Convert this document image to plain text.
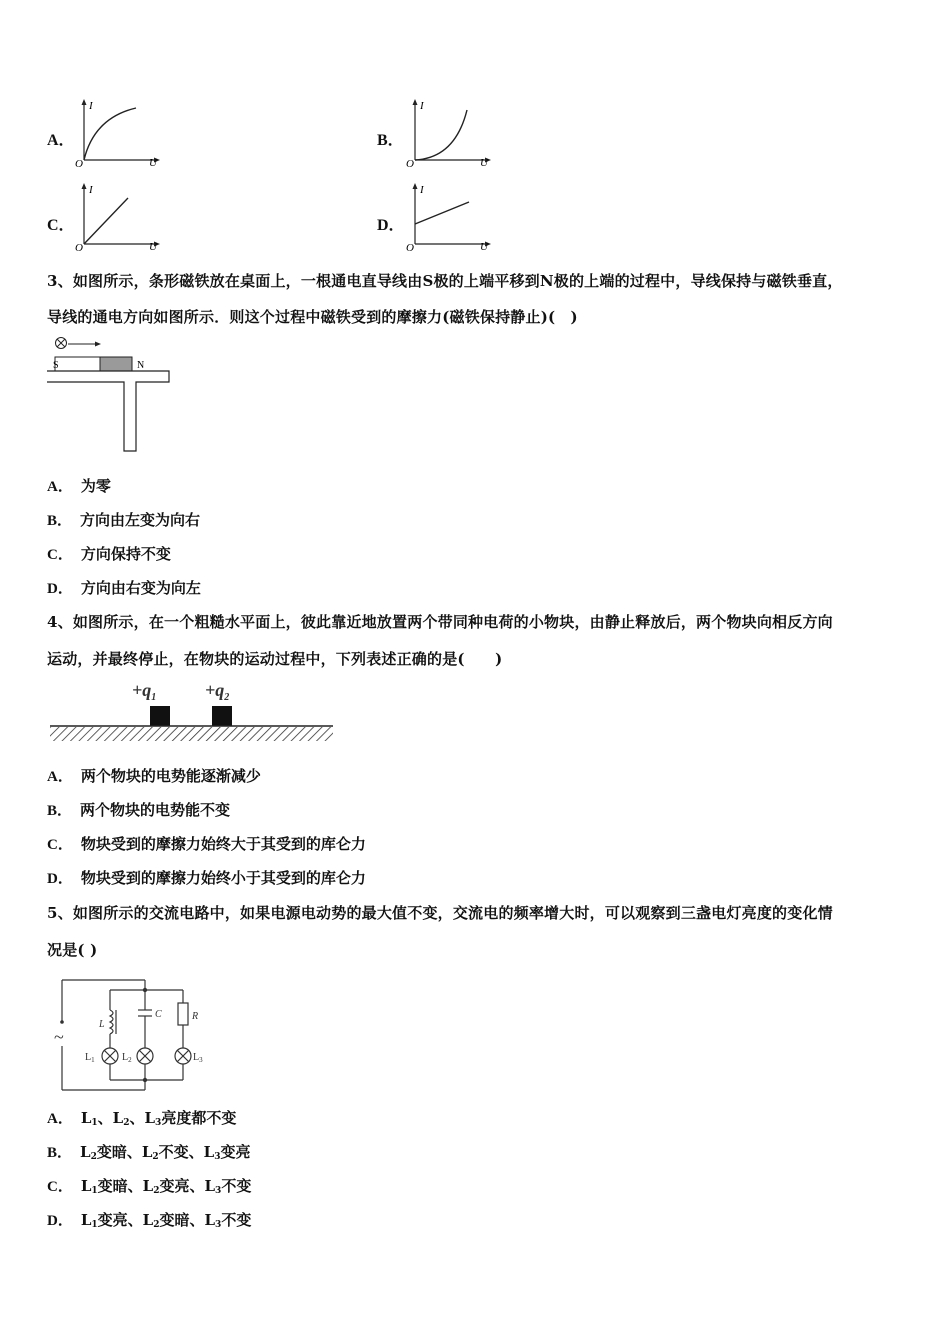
A．
I
U
O
B．
I
U
O
C．
I
U
O
D．
I
U
O
3、如图所示，条形磁铁放在桌面上，一根通电直导线由S极的上端平移到N极的上端的过程中，导线保持与磁铁垂直，
导线的通电方向如图所示．则这个过程中磁铁受到的摩擦力(磁铁保持静止)(　)
S	N
A． 为零
B． 方向由左变为向右
C． 方向保持不变
D． 方向由右变为向左
4、如图所示，在一个粗糙水平面上，彼此靠近地放置两个带同种电荷的小物块，由静止释放后，两个物块向相反方向
运动，并最终停止，在物块的运动过程中，下列表述正确的是(　　)
$+q_1$	$+q_2$
A． 两个物块的电势能逐渐减少
B． 两个物块的电势能不变
C． 物块受到的摩擦力始终大于其受到的库仑力
D． 物块受到的摩擦力始终小于其受到的库仑力
5、如图所示的交流电路中，如果电源电动势的最大值不变，交流电的频率增大时，可以观察到三盏电灯亮度的变化情
况是( )
~
L
C	R
$L_1$	$L_2$	$L_3$
A． $L_1$、$L_2$、$L_3$亮度都不变
B． $L_2$变暗、$L_2$不变、$L_3$变亮
C． $L_1$变暗、$L_2$变亮、$L_3$不变
D． $L_1$变亮、$L_2$变暗、$L_3$不变
